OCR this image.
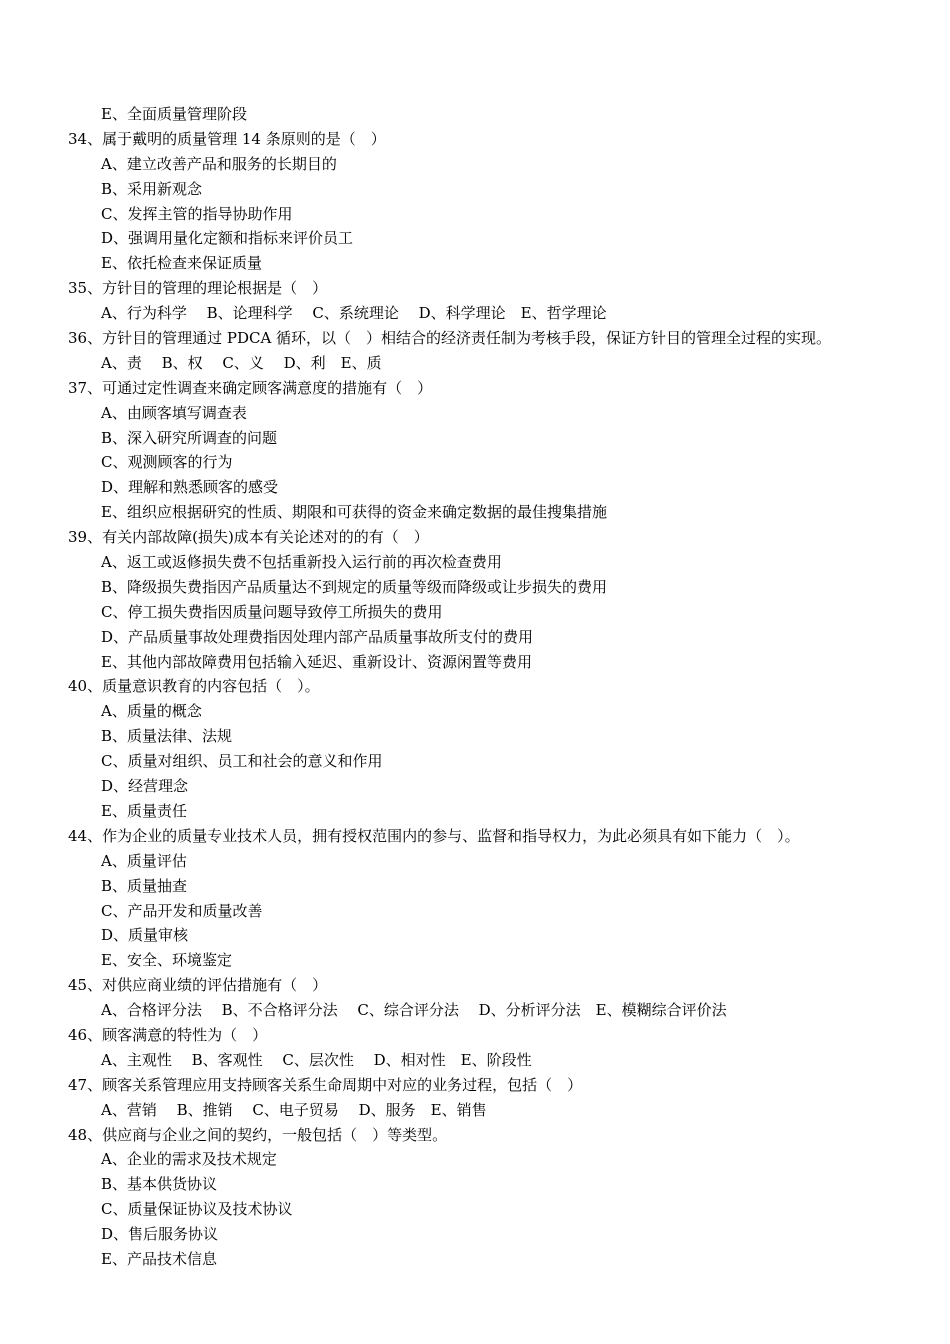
E、全面质量管理阶段
34、属于戴明的质量管理 14 条原则的是（　）
A、建立改善产品和服务的长期目的
B、采用新观念
C、发挥主管的指导协助作用
D、强调用量化定额和指标来评价员工
E、依托检查来保证质量
35、方针目的管理的理论根据是（　）
A、行为科学　 B、论理科学　 C、系统理论　 D、科学理论　E、哲学理论
36、方针目的管理通过 PDCA 循环，以（　）相结合的经济责任制为考核手段，保证方针目的管理全过程的实现。
A、责　 B、权　 C、义　 D、利　E、质
37、可通过定性调查来确定顾客满意度的措施有（　）
A、由顾客填写调查表
B、深入研究所调查的问题
C、观测顾客的行为
D、理解和熟悉顾客的感受
E、组织应根据研究的性质、期限和可获得的资金来确定数据的最佳搜集措施
39、有关内部故障(损失)成本有关论述对的的有（　）
A、返工或返修损失费不包括重新投入运行前的再次检查费用
B、降级损失费指因产品质量达不到规定的质量等级而降级或让步损失的费用
C、停工损失费指因质量问题导致停工所损失的费用
D、产品质量事故处理费指因处理内部产品质量事故所支付的费用
E、其他内部故障费用包括输入延迟、重新设计、资源闲置等费用
40、质量意识教育的内容包括（　）。
A、质量的概念
B、质量法律、法规
C、质量对组织、员工和社会的意义和作用
D、经营理念
E、质量责任
44、作为企业的质量专业技术人员，拥有授权范围内的参与、监督和指导权力，为此必须具有如下能力（　）。
A、质量评估
B、质量抽查
C、产品开发和质量改善
D、质量审核
E、安全、环境鉴定
45、对供应商业绩的评估措施有（　）
A、合格评分法　 B、不合格评分法　 C、综合评分法　 D、分析评分法　E、模糊综合评价法
46、顾客满意的特性为（　）
A、主观性　 B、客观性　 C、层次性　 D、相对性　E、阶段性
47、顾客关系管理应用支持顾客关系生命周期中对应的业务过程，包括（　）
A、营销　 B、推销　 C、电子贸易　 D、服务　E、销售
48、供应商与企业之间的契约，一般包括（　）等类型。
A、企业的需求及技术规定
B、基本供货协议
C、质量保证协议及技术协议
D、售后服务协议
E、产品技术信息
